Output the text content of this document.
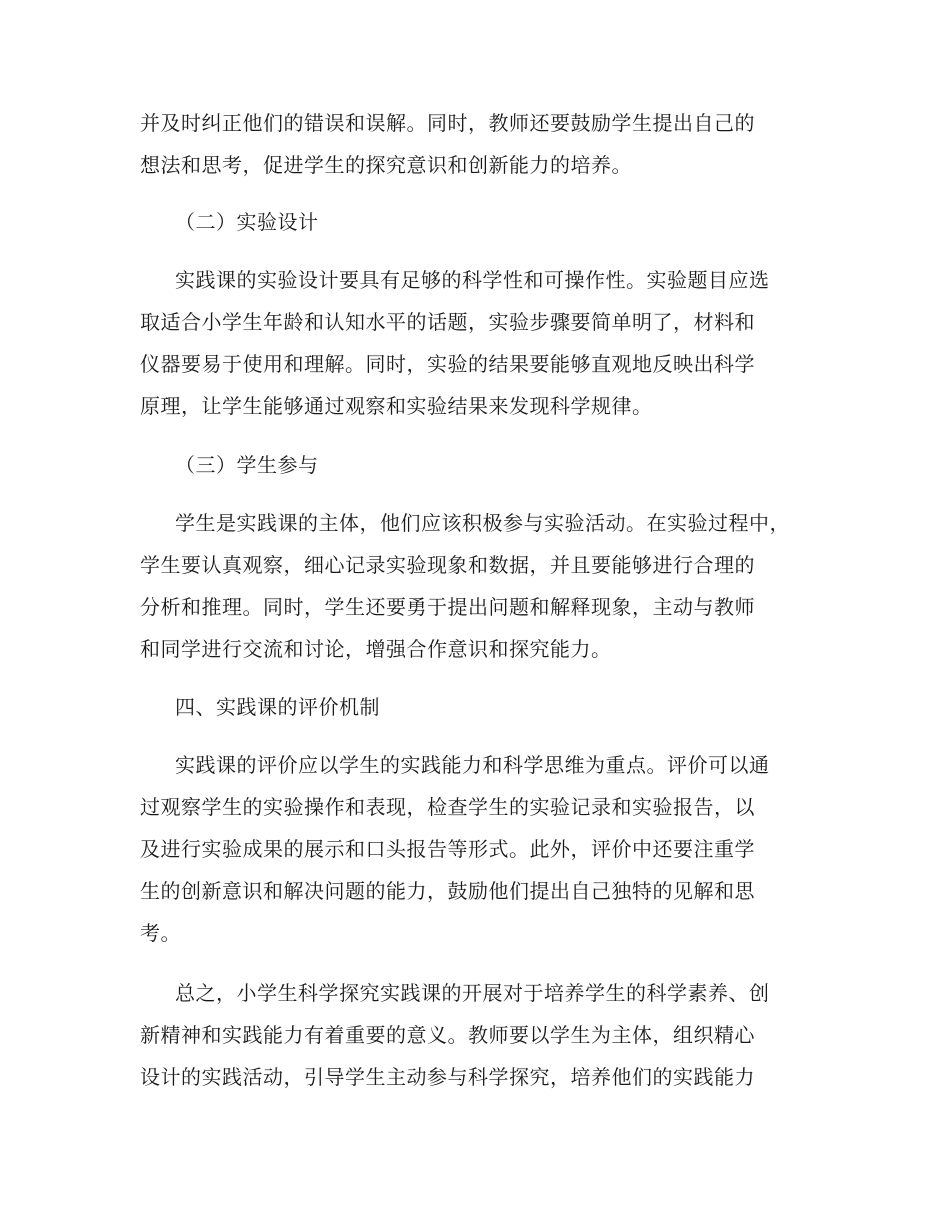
并及时纠正他们的错误和误解。同时，教师还要鼓励学生提出自己的
想法和思考，促进学生的探究意识和创新能力的培养。
（二）实验设计
实践课的实验设计要具有足够的科学性和可操作性。实验题目应选
取适合小学生年龄和认知水平的话题，实验步骤要简单明了，材料和
仪器要易于使用和理解。同时，实验的结果要能够直观地反映出科学
原理，让学生能够通过观察和实验结果来发现科学规律。
（三）学生参与
学生是实践课的主体，他们应该积极参与实验活动。在实验过程中，
学生要认真观察，细心记录实验现象和数据，并且要能够进行合理的
分析和推理。同时，学生还要勇于提出问题和解释现象，主动与教师
和同学进行交流和讨论，增强合作意识和探究能力。
四、实践课的评价机制
实践课的评价应以学生的实践能力和科学思维为重点。评价可以通
过观察学生的实验操作和表现，检查学生的实验记录和实验报告，以
及进行实验成果的展示和口头报告等形式。此外，评价中还要注重学
生的创新意识和解决问题的能力，鼓励他们提出自己独特的见解和思
考。
总之，小学生科学探究实践课的开展对于培养学生的科学素养、创
新精神和实践能力有着重要的意义。教师要以学生为主体，组织精心
设计的实践活动，引导学生主动参与科学探究，培养他们的实践能力
